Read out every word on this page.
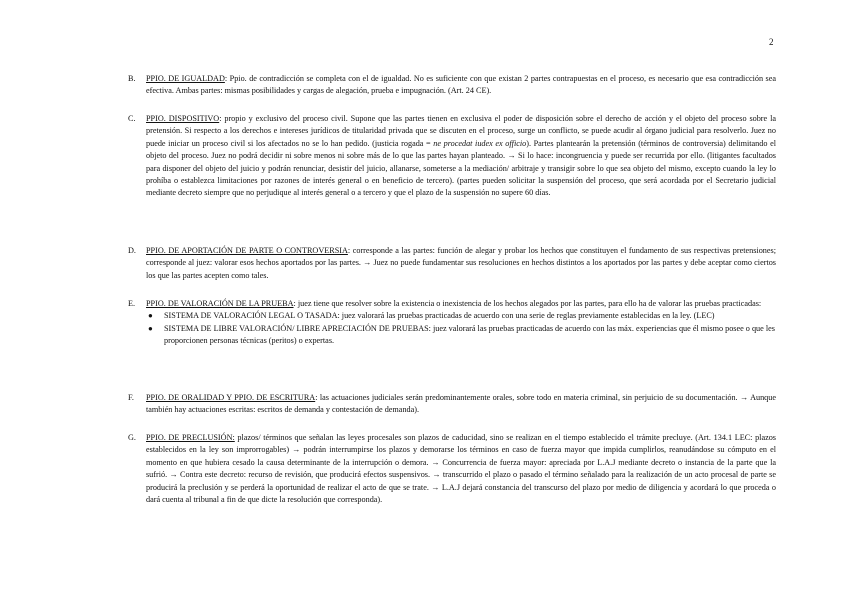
2
B. PPIO. DE IGUALDAD: Ppio. de contradicción se completa con el de igualdad. No es suficiente con que existan 2 partes contrapuestas en el proceso, es necesario que esa contradicción sea efectiva. Ambas partes: mismas posibilidades y cargas de alegación, prueba e impugnación. (Art. 24 CE).
C. PPIO. DISPOSITIVO: propio y exclusivo del proceso civil. Supone que las partes tienen en exclusiva el poder de disposición sobre el derecho de acción y el objeto del proceso sobre la pretensión. Si respecto a los derechos e intereses jurídicos de titularidad privada que se discuten en el proceso, surge un conflicto, se puede acudir al órgano judicial para resolverlo. Juez no puede iniciar un proceso civil si los afectados no se lo han pedido. (justicia rogada = ne procedat iudex ex officio). Partes plantearán la pretensión (términos de controversia) delimitando el objeto del proceso. Juez no podrá decidir ni sobre menos ni sobre más de lo que las partes hayan planteado. → Si lo hace: incongruencia y puede ser recurrida por ello. (litigantes facultados para disponer del objeto del juicio y podrán renunciar, desistir del juicio, allanarse, someterse a la mediación/ arbitraje y transigir sobre lo que sea objeto del mismo, excepto cuando la ley lo prohíba o establezca limitaciones por razones de interés general o en beneficio de tercero). (partes pueden solicitar la suspensión del proceso, que será acordada por el Secretario judicial mediante decreto siempre que no perjudique al interés general o a tercero y que el plazo de la suspensión no supere 60 días.
D. PPIO. DE APORTACIÓN DE PARTE O CONTROVERSIA: corresponde a las partes: función de alegar y probar los hechos que constituyen el fundamento de sus respectivas pretensiones; corresponde al juez: valorar esos hechos aportados por las partes. → Juez no puede fundamentar sus resoluciones en hechos distintos a los aportados por las partes y debe aceptar como ciertos los que las partes acepten como tales.
E. PPIO. DE VALORACIÓN DE LA PRUEBA: juez tiene que resolver sobre la existencia o inexistencia de los hechos alegados por las partes, para ello ha de valorar las pruebas practicadas:
● SISTEMA DE VALORACIÓN LEGAL O TASADA: juez valorará las pruebas practicadas de acuerdo con una serie de reglas previamente establecidas en la ley. (LEC)
● SISTEMA DE LIBRE VALORACIÓN/ LIBRE APRECIACIÓN DE PRUEBAS: juez valorará las pruebas practicadas de acuerdo con las máx. experiencias que él mismo posee o que les proporcionen personas técnicas (peritos) o expertas.
F. PPIO. DE ORALIDAD Y PPIO. DE ESCRITURA: las actuaciones judiciales serán predominantemente orales, sobre todo en materia criminal, sin perjuicio de su documentación. → Aunque también hay actuaciones escritas: escritos de demanda y contestación de demanda).
G. PPIO. DE PRECLUSIÓN: plazos/ términos que señalan las leyes procesales son plazos de caducidad, sino se realizan en el tiempo establecido el trámite precluye. (Art. 134.1 LEC: plazos establecidos en la ley son improrrogables) → podrán interrumpirse los plazos y demorarse los términos en caso de fuerza mayor que impida cumplirlos, reanudándose su cómputo en el momento en que hubiera cesado la causa determinante de la interrupción o demora. → Concurrencia de fuerza mayor: apreciada por L.A.J mediante decreto o instancia de la parte que la sufrió. → Contra este decreto: recurso de revisión, que producirá efectos suspensivos. → transcurrido el plazo o pasado el término señalado para la realización de un acto procesal de parte se producirá la preclusión y se perderá la oportunidad de realizar el acto de que se trate. → L.A.J dejará constancia del transcurso del plazo por medio de diligencia y acordará lo que proceda o dará cuenta al tribunal a fin de que dicte la resolución que corresponda).
